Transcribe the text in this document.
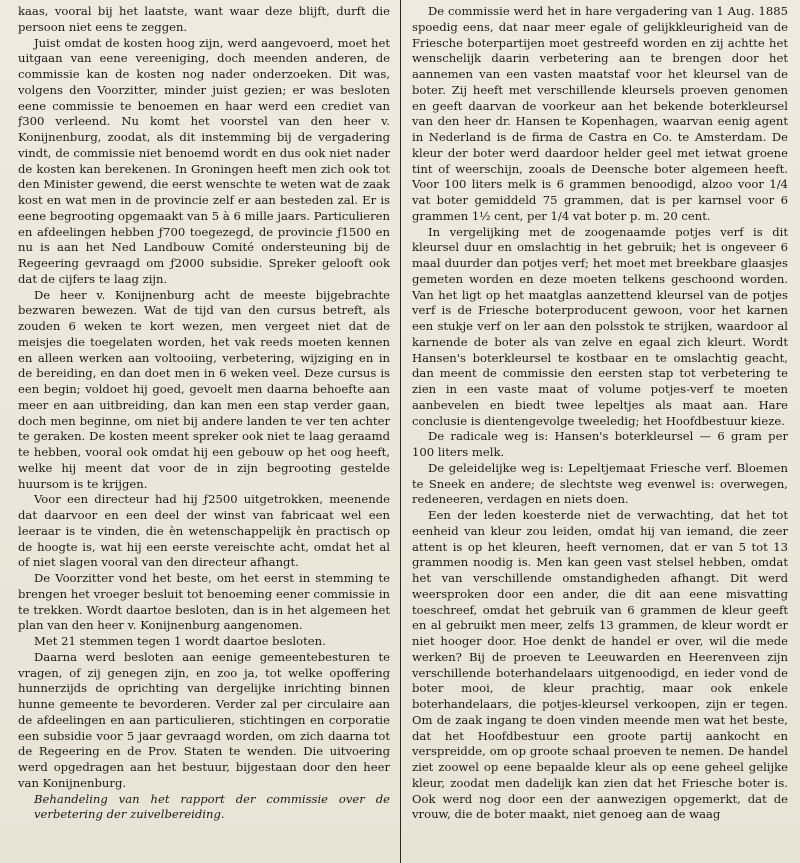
kaas, vooral bij het laatste, want waar deze blijft, durft die persoon niet eens te zeggen.

Juist omdat de kosten hoog zijn, werd aangevoerd, moet het uitgaan van eene vereeniging, doch meenden anderen, de commissie kan de kosten nog nader onderzoeken. Dit was, volgens den Voorzitter, minder juist gezien; er was besloten eene commissie te benoemen en haar werd een crediet van ƒ300 verleend. Nu komt het voorstel van den heer v. Konijnenburg, zoodat, als dit instemming bij de vergadering vindt, de commissie niet benoemd wordt en dus ook niet nader de kosten kan berekenen. In Groningen heeft men zich ook tot den Minister gewend, die eerst wenschte te weten wat de zaak kost en wat men in de provincie zelf er aan besteden zal. Er is eene begrooting opgemaakt van 5 à 6 mille jaars. Particulieren en afdeelingen hebben ƒ700 toegezegd, de provincie ƒ1500 en nu is aan het Ned Landbouw Comité ondersteuning bij de Regeering gevraagd om ƒ2000 subsidie. Spreker gelooft ook dat de cijfers te laag zijn.

De heer v. Konijnenburg acht de meeste bijgebrachte bezwaren bewezen. Wat de tijd van den cursus betreft, als zouden 6 weken te kort wezen, men vergeet niet dat de meisjes die toegelaten worden, het vak reeds moeten kennen en alleen werken aan voltooiing, verbetering, wijziging en in de bereiding, en dan doet men in 6 weken veel. Deze cursus is een begin; voldoet hij goed, gevoelt men daarna behoefte aan meer en aan uitbreiding, dan kan men een stap verder gaan, doch men beginne, om niet bij andere landen te ver ten achter te geraken. De kosten meent spreker ook niet te laag geraamd te hebben, vooral ook omdat hij een gebouw op het oog heeft, welke hij meent dat voor de in zijn begrooting gestelde huursom is te krijgen.

Voor een directeur had hij ƒ2500 uitgetrokken, meenende dat daarvoor en een deel der winst van fabricaat wel een leeraar is te vinden, die èn wetenschappelijk èn practisch op de hoogte is, wat hij een eerste vereischte acht, omdat het al of niet slagen vooral van den directeur afhangt.

De Voorzitter vond het beste, om het eerst in stemming te brengen het vroeger besluit tot benoeming eener commissie in te trekken. Wordt daartoe besloten, dan is in het algemeen het plan van den heer v. Konijnenburg aangenomen.

Met 21 stemmen tegen 1 wordt daartoe besloten.

Daarna werd besloten aan eenige gemeentebesturen te vragen, of zij genegen zijn, en zoo ja, tot welke opoffering hunnerzijds de oprichting van dergelijke inrichting binnen hunne gemeente te bevorderen. Verder zal per circulaire aan de afdeelingen en aan particulieren, stichtingen en corporatie een subsidie voor 5 jaar gevraagd worden, om zich daarna tot de Regeering en de Prov. Staten te wenden. Die uitvoering werd opgedragen aan het bestuur, bijgestaan door den heer van Konijnenburg.

Behandeling van het rapport der commissie over de verbetering der zuivelbereiding.

De commissie werd het in hare vergadering van 1 Aug. 1885 spoedig eens, dat naar meer egale of gelijkkleurigheid van de Friesche boterpartijen moet gestreefd worden en zij achtte het wenschelijk daarin verbetering aan te brengen door het aannemen van een vasten maatstaf voor het kleursel van de boter. Zij heeft met verschillende kleursels proeven genomen en geeft daarvan de voorkeur aan het bekende boterkleursel van den heer dr. Hansen te Kopenhagen, waarvan eenig agent in Nederland is de firma de Castra en Co. te Amsterdam. De kleur der boter werd daardoor helder geel met ietwat groene tint of weerschijn, zooals de Deensche boter algemeen heeft. Voor 100 liters melk is 6 grammen benoodigd, alzoo voor 1/4 vat boter gemiddeld 75 grammen, dat is per karnsel voor 6 grammen 1½ cent, per 1/4 vat boter p. m. 20 cent.

In vergelijking met de zoogenaamde potjes verf is dit kleursel duur en omslachtig in het gebruik; het is ongeveer 6 maal duurder dan potjes verf; het moet met breekbare glaasjes gemeten worden en deze moeten telkens geschoond worden. Van het ligt op het maatglas aanzettend kleursel van de potjes verf is de Friesche boterproducent gewoon, voor het karnen een stukje verf on ler aan den polsstok te strijken, waardoor al karnende de boter als van zelve en egaal zich kleurt. Wordt Hansen's boterkleursel te kostbaar en te omslachtig geacht, dan meent de commissie den eersten stap tot verbetering te zien in een vaste maat of volume potjes-verf te moeten aanbevelen en biedt twee lepeltjes als maat aan. Hare conclusie is dientengevolge tweeledig; het Hoofdbestuur kieze.

De radicale weg is: Hansen's boterkleursel — 6 gram per 100 liters melk.

De geleidelijke weg is: Lepeltjemaat Friesche verf. Bloemen te Sneek en andere; de slechtste weg evenwel is: overwegen, redeneeren, verdagen en niets doen.

Een der leden koesterde niet de verwachting, dat het tot eenheid van kleur zou leiden, omdat hij van iemand, die zeer attent is op het kleuren, heeft vernomen, dat er van 5 tot 13 grammen noodig is. Men kan geen vast stelsel hebben, omdat het van verschillende omstandigheden afhangt. Dit werd weersproken door een ander, die dit aan eene misvatting toeschreef, omdat het gebruik van 6 grammen de kleur geeft en al gebruikt men meer, zelfs 13 grammen, de kleur wordt er niet hooger door. Hoe denkt de handel er over, wil die mede werken? Bij de proeven te Leeuwarden en Heerenveen zijn verschillende boterhandelaars uitgenoodigd, en ieder vond de boter mooi, de kleur prachtig, maar ook enkele boterhandelaars, die potjes-kleursel verkoopen, zijn er tegen. Om de zaak ingang te doen vinden meende men wat het beste, dat het Hoofdbestuur een groote partij aankocht en verspreidde, om op groote schaal proeven te nemen. De handel ziet zoowel op eene bepaalde kleur als op eene geheel gelijke kleur, zoodat men dadelijk kan zien dat het Friesche boter is. Ook werd nog door een der aanwezigen opgemerkt, dat de vrouw, die de boter maakt, niet genoeg aan de waag
